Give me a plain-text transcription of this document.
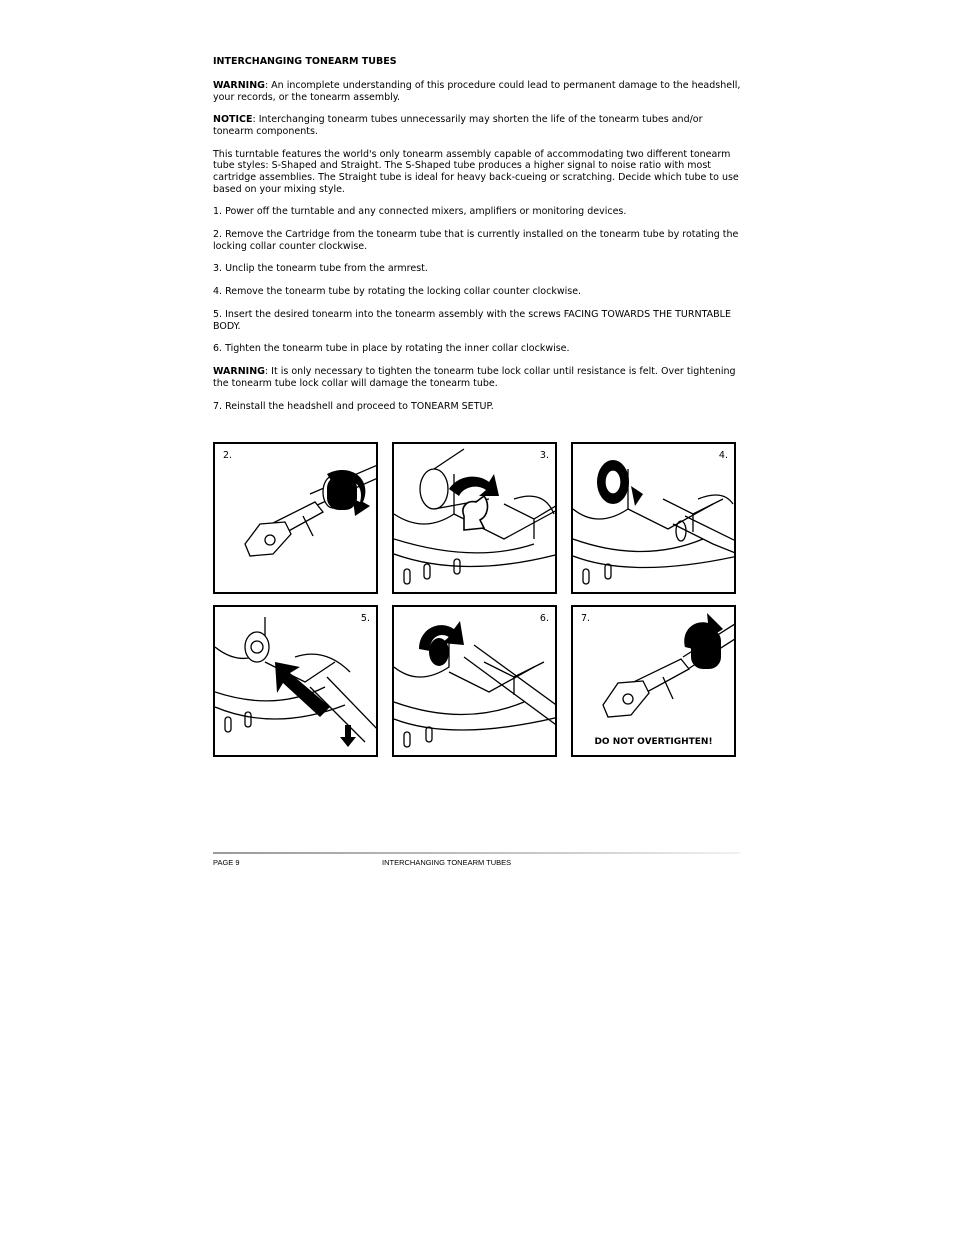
INTERCHANGING TONEARM TUBES
WARNING: An incomplete understanding of this procedure could lead to permanent damage to the headshell, your records, or the tonearm assembly.
NOTICE: Interchanging tonearm tubes unnecessarily may shorten the life of the tonearm tubes and/or tonearm components.
This turntable features the world's only tonearm assembly capable of accommodating two different tonearm tube styles: S-Shaped and Straight. The S-Shaped tube produces a higher signal to noise ratio with most cartridge assemblies. The Straight tube is ideal for heavy back-cueing or scratching. Decide which tube to use based on your mixing style.
1. Power off the turntable and any connected mixers, amplifiers or monitoring devices.
2. Remove the Cartridge from the tonearm tube that is currently installed on the tonearm tube by rotating the locking collar counter clockwise.
3. Unclip the tonearm tube from the armrest.
4. Remove the tonearm tube by rotating the locking collar counter clockwise.
5. Insert the desired tonearm into the tonearm assembly with the screws FACING TOWARDS THE TURNTABLE BODY.
6. Tighten the tonearm tube in place by rotating the inner collar clockwise.
WARNING: It is only necessary to tighten the tonearm tube lock collar until resistance is felt. Over tightening the tonearm tube lock collar will damage the tonearm tube.
7. Reinstall the headshell and proceed to TONEARM SETUP.
2.	3.	4.
5.	6.	7.
DO NOT OVERTIGHTEN!
PAGE 9	INTERCHANGING TONEARM TUBES
